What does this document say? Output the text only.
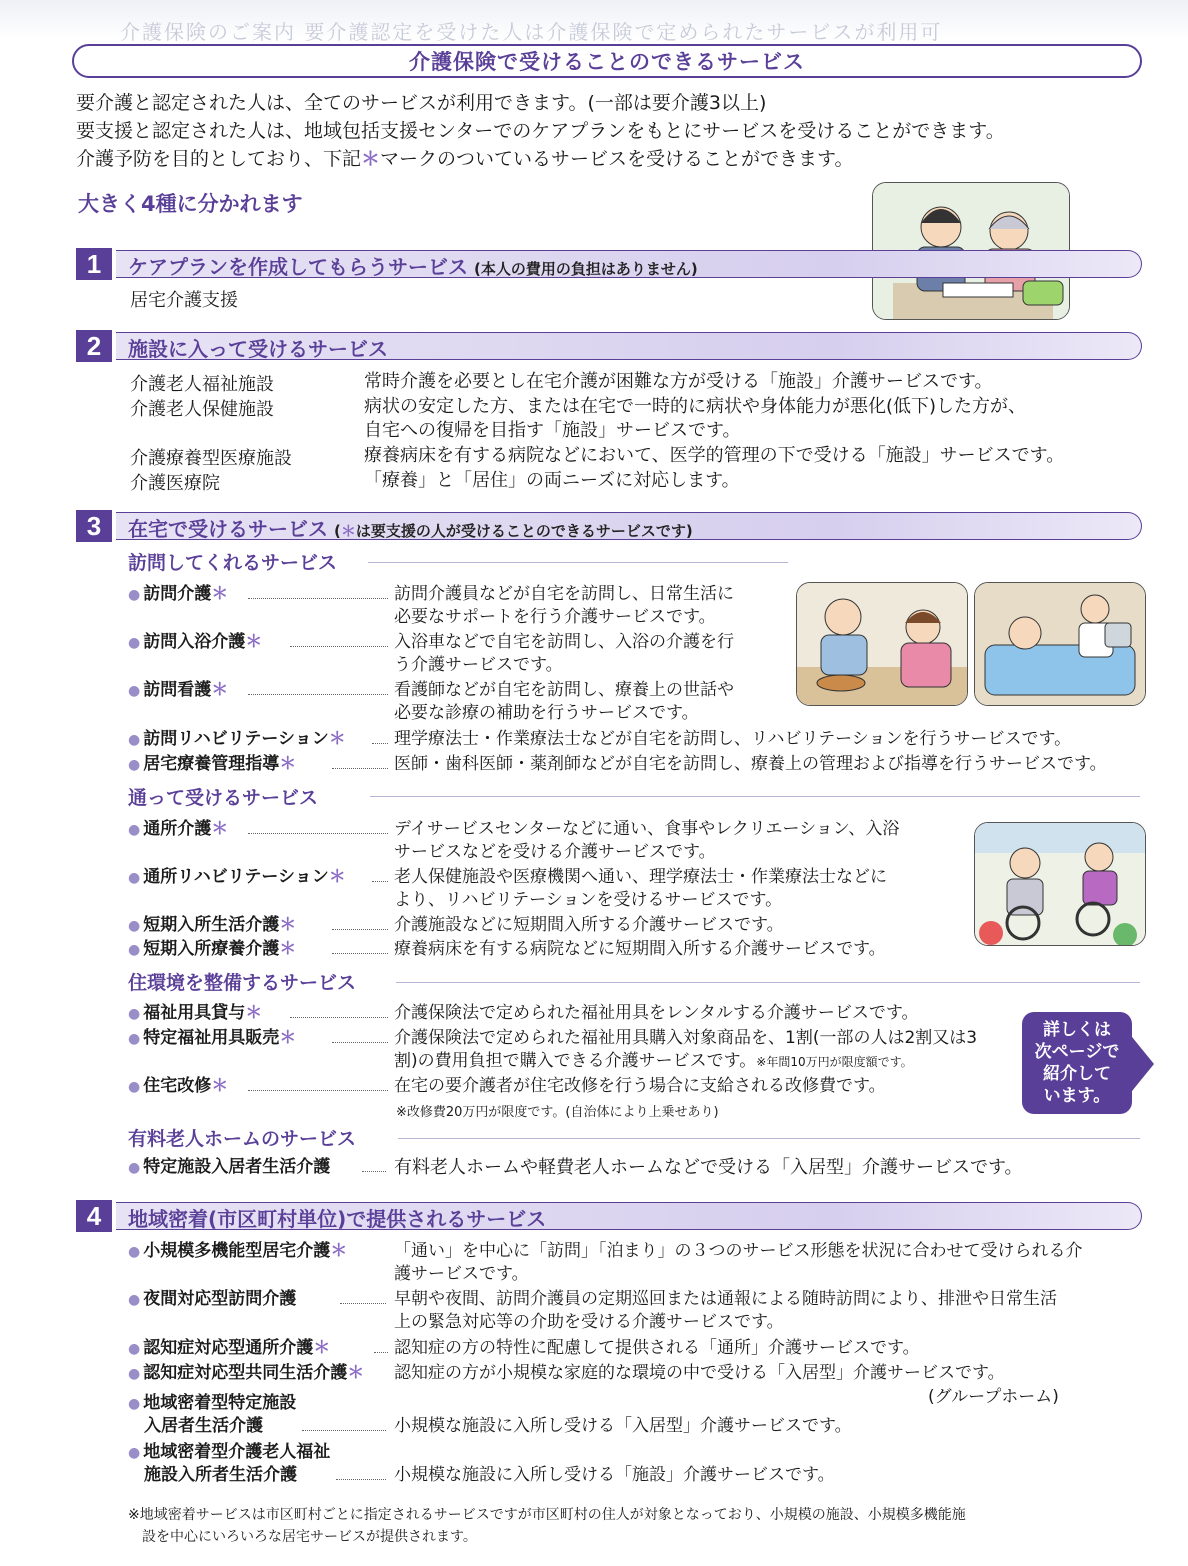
介護保険のご案内 要介護認定を受けた人は介護保険で定められたサービスが利用可
介護保険で受けることのできるサービス
要介護と認定された人は、全てのサービスが利用できます。(一部は要介護3以上)
要支援と認定された人は、地域包括支援センターでのケアプランをもとにサービスを受けることができます。
介護予防を目的としており、下記＊マークのついているサービスを受けることができます。
大きく4種に分かれます
1	ケアプランを作成してもらうサービス (本人の費用の負担はありません)
居宅介護支援
2	施設に入って受けるサービス
介護老人福祉施設	常時介護を必要とし在宅介護が困難な方が受ける「施設」介護サービスです。
介護老人保健施設	病状の安定した方、または在宅で一時的に病状や身体能力が悪化(低下)した方が、
自宅への復帰を目指す「施設」サービスです。
介護療養型医療施設	療養病床を有する病院などにおいて、医学的管理の下で受ける「施設」サービスです。
介護医療院	「療養」と「居住」の両ニーズに対応します。
3	在宅で受けるサービス (＊は要支援の人が受けることのできるサービスです)
訪問してくれるサービス
● 訪問介護＊	訪問介護員などが自宅を訪問し、日常生活に
必要なサポートを行う介護サービスです。
● 訪問入浴介護＊	入浴車などで自宅を訪問し、入浴の介護を行
う介護サービスです。
● 訪問看護＊	看護師などが自宅を訪問し、療養上の世話や
必要な診療の補助を行うサービスです。
● 訪問リハビリテーション＊	理学療法士・作業療法士などが自宅を訪問し、リハビリテーションを行うサービスです。
● 居宅療養管理指導＊	医師・歯科医師・薬剤師などが自宅を訪問し、療養上の管理および指導を行うサービスです。
通って受けるサービス
● 通所介護＊	デイサービスセンターなどに通い、食事やレクリエーション、入浴
サービスなどを受ける介護サービスです。
● 通所リハビリテーション＊	老人保健施設や医療機関へ通い、理学療法士・作業療法士などに
より、リハビリテーションを受けるサービスです。
● 短期入所生活介護＊	介護施設などに短期間入所する介護サービスです。
● 短期入所療養介護＊	療養病床を有する病院などに短期間入所する介護サービスです。
住環境を整備するサービス
● 福祉用具貸与＊	介護保険法で定められた福祉用具をレンタルする介護サービスです。
● 特定福祉用具販売＊	介護保険法で定められた福祉用具購入対象商品を、1割(一部の人は2割又は3
割)の費用負担で購入できる介護サービスです。※年間10万円が限度額です。
● 住宅改修＊	在宅の要介護者が住宅改修を行う場合に支給される改修費です。
※改修費20万円が限度です。(自治体により上乗せあり)
詳しくは
次ページで
紹介して
います。
有料老人ホームのサービス
● 特定施設入居者生活介護	有料老人ホームや軽費老人ホームなどで受ける「入居型」介護サービスです。
4	地域密着(市区町村単位)で提供されるサービス
● 小規模多機能型居宅介護＊	「通い」を中心に「訪問」「泊まり」の３つのサービス形態を状況に合わせて受けられる介
護サービスです。
● 夜間対応型訪問介護	早朝や夜間、訪問介護員の定期巡回または通報による随時訪問により、排泄や日常生活
上の緊急対応等の介助を受ける介護サービスです。
● 認知症対応型通所介護＊	認知症の方の特性に配慮して提供される「通所」介護サービスです。
● 認知症対応型共同生活介護＊ 認知症の方が小規模な家庭的な環境の中で受ける「入居型」介護サービスです。
(グループホーム)
● 地域密着型特定施設
入居者生活介護	小規模な施設に入所し受ける「入居型」介護サービスです。
● 地域密着型介護老人福祉
施設入所者生活介護	小規模な施設に入所し受ける「施設」介護サービスです。
※地域密着サービスは市区町村ごとに指定されるサービスですが市区町村の住人が対象となっており、小規模の施設、小規模多機能施
設を中心にいろいろな居宅サービスが提供されます。
